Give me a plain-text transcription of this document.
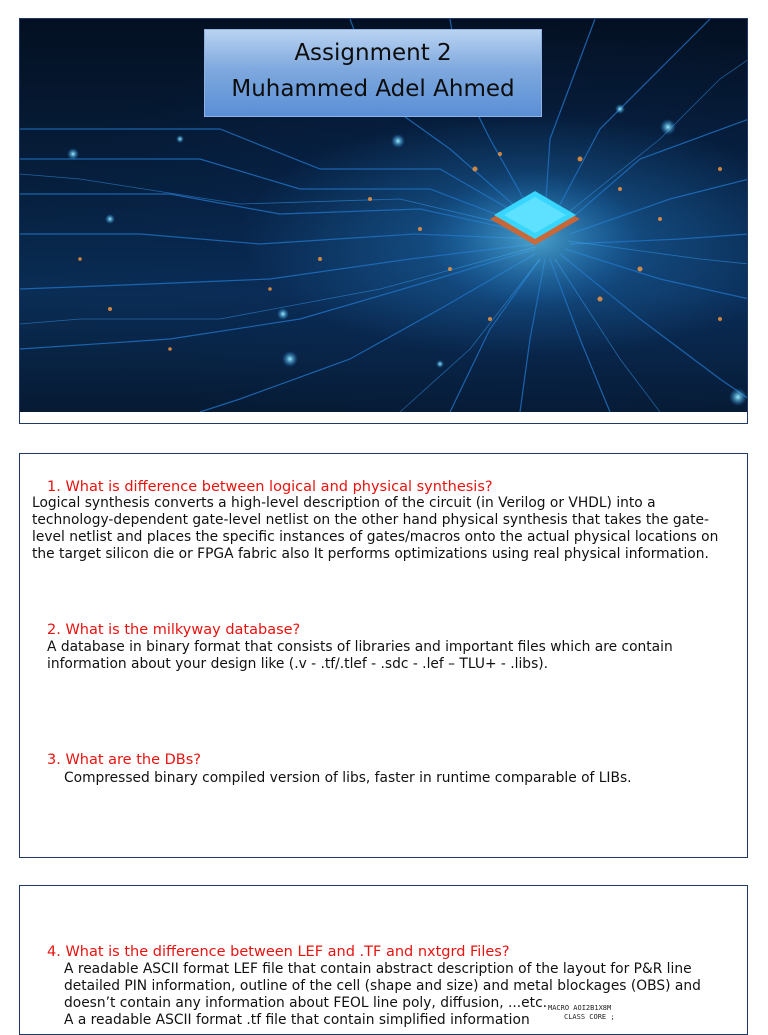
Assignment 2
Muhammed Adel Ahmed
1. What is difference between logical and physical synthesis?
Logical synthesis converts a high-level description of the circuit (in Verilog or VHDL) into a technology-dependent gate-level netlist on the other hand physical synthesis that takes the gate-level netlist and places the specific instances of gates/macros onto the actual physical locations on the target silicon die or FPGA fabric also It performs optimizations using real physical information.
2. What is the milkyway database?
A database in binary format that consists of libraries and important files which are contain information about your design like (.v - .tf/.tlef - .sdc - .lef – TLU+ - .libs).
3. What are the DBs?
Compressed binary compiled version of libs, faster in runtime comparable of LIBs.
4. What is the difference between LEF and .TF and nxtgrd Files?
A readable ASCII format LEF file that contain abstract description of the layout for P&R line detailed PIN information, outline of the cell (shape and size) and metal blockages (OBS) and doesn’t contain any information about FEOL line poly, diffusion, ...etc.
A a readable ASCII format .tf file that contain simplified information
MACRO AOI2B1X8M
CLASS CORE ;
